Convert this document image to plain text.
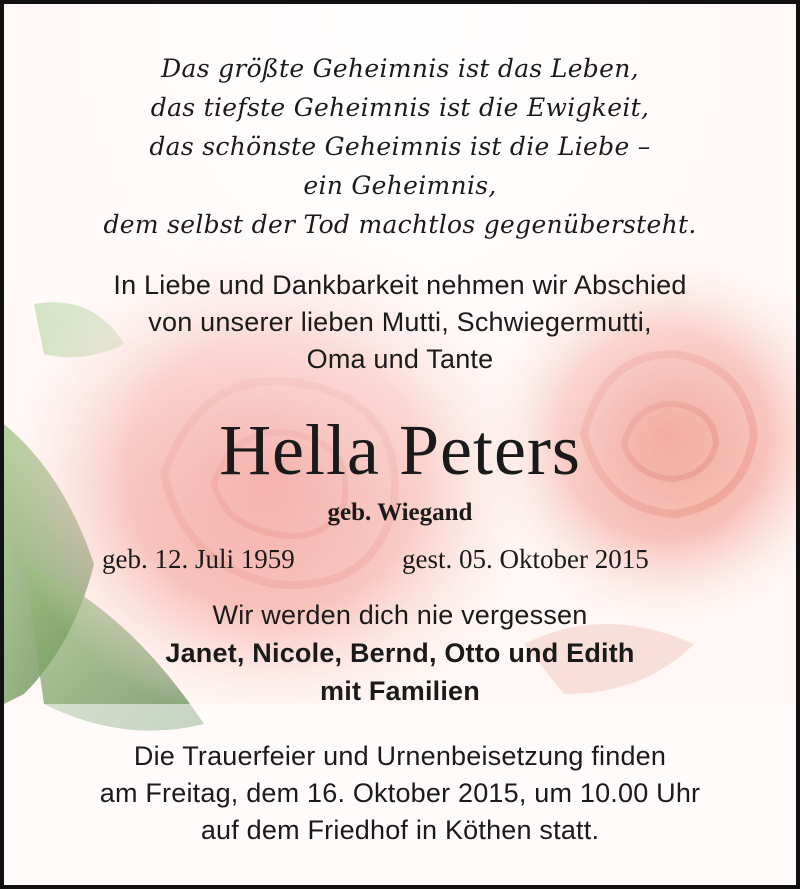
Das größte Geheimnis ist das Leben,
das tiefste Geheimnis ist die Ewigkeit,
das schönste Geheimnis ist die Liebe –
ein Geheimnis,
dem selbst der Tod machtlos gegenübersteht.
In Liebe und Dankbarkeit nehmen wir Abschied
von unserer lieben Mutti, Schwiegermutti,
Oma und Tante
Hella Peters
geb. Wiegand
geb. 12. Juli 1959	gest. 05. Oktober 2015
Wir werden dich nie vergessen
Janet, Nicole, Bernd, Otto und Edith
mit Familien
Die Trauerfeier und Urnenbeisetzung finden
am Freitag, dem 16. Oktober 2015, um 10.00 Uhr
auf dem Friedhof in Köthen statt.
